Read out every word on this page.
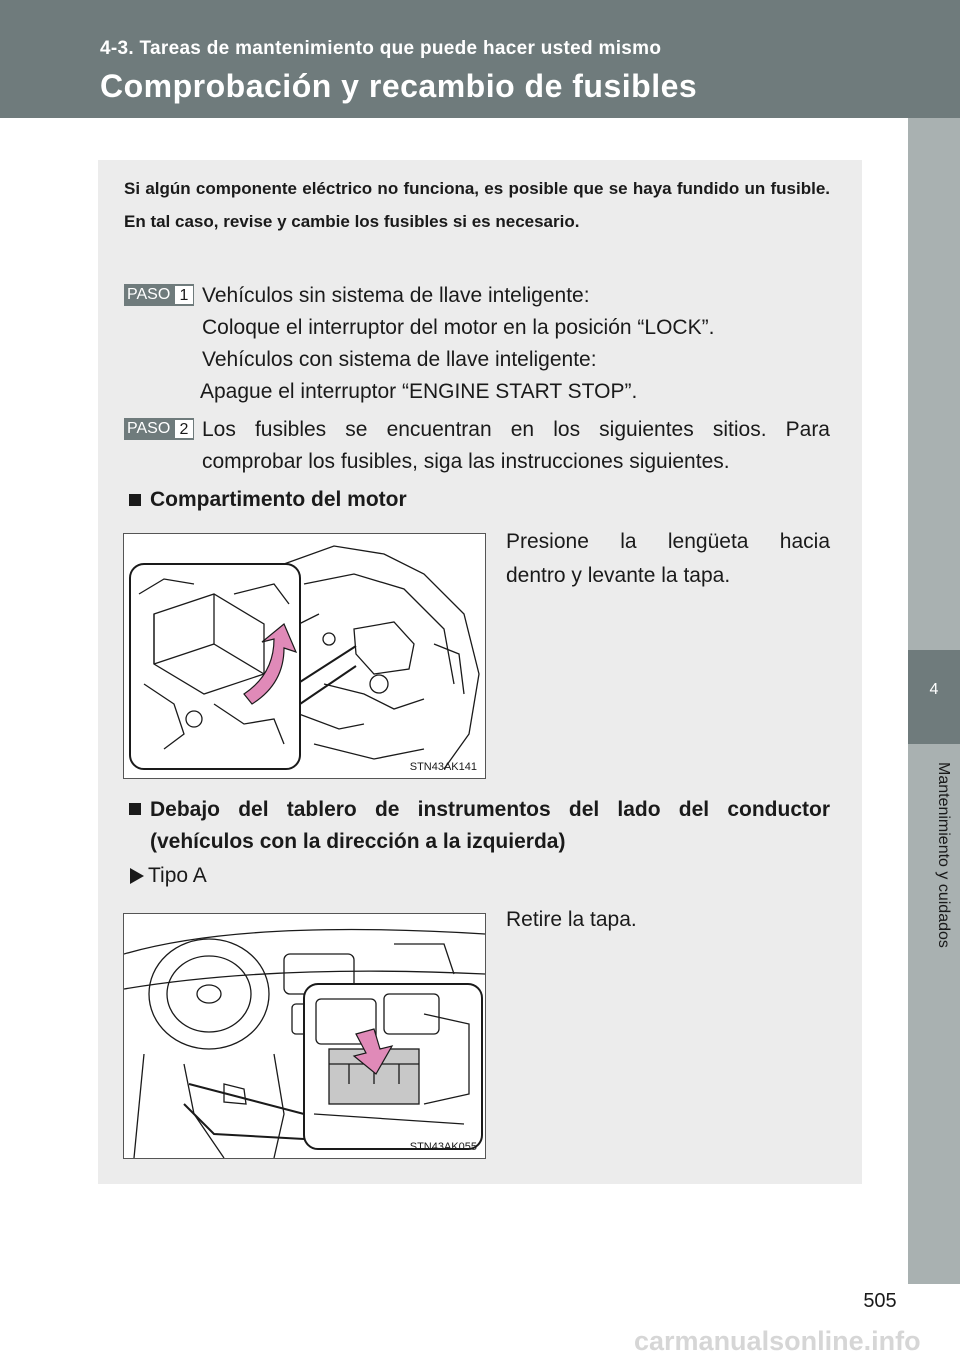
4-3. Tareas de mantenimiento que puede hacer usted mismo
Comprobación y recambio de fusibles
4
Mantenimiento y cuidados
Si algún componente eléctrico no funciona, es posible que se haya fundido un fusible. En tal caso, revise y cambie los fusibles si es necesario.
PASO 1 Vehículos sin sistema de llave inteligente:
Coloque el interruptor del motor en la posición “LOCK”.
Vehículos con sistema de llave inteligente:
Apague el interruptor “ENGINE START STOP”.
PASO 2 Los fusibles se encuentran en los siguientes sitios. Para
comprobar los fusibles, siga las instrucciones siguientes.
Compartimento del motor
STN43AK141
Presione la lengüeta hacia
dentro y levante la tapa.
Debajo del tablero de instrumentos del lado del conductor
(vehículos con la dirección a la izquierda)
Tipo A
STN43AK055
Retire la tapa.
505
carmanualsonline.info
